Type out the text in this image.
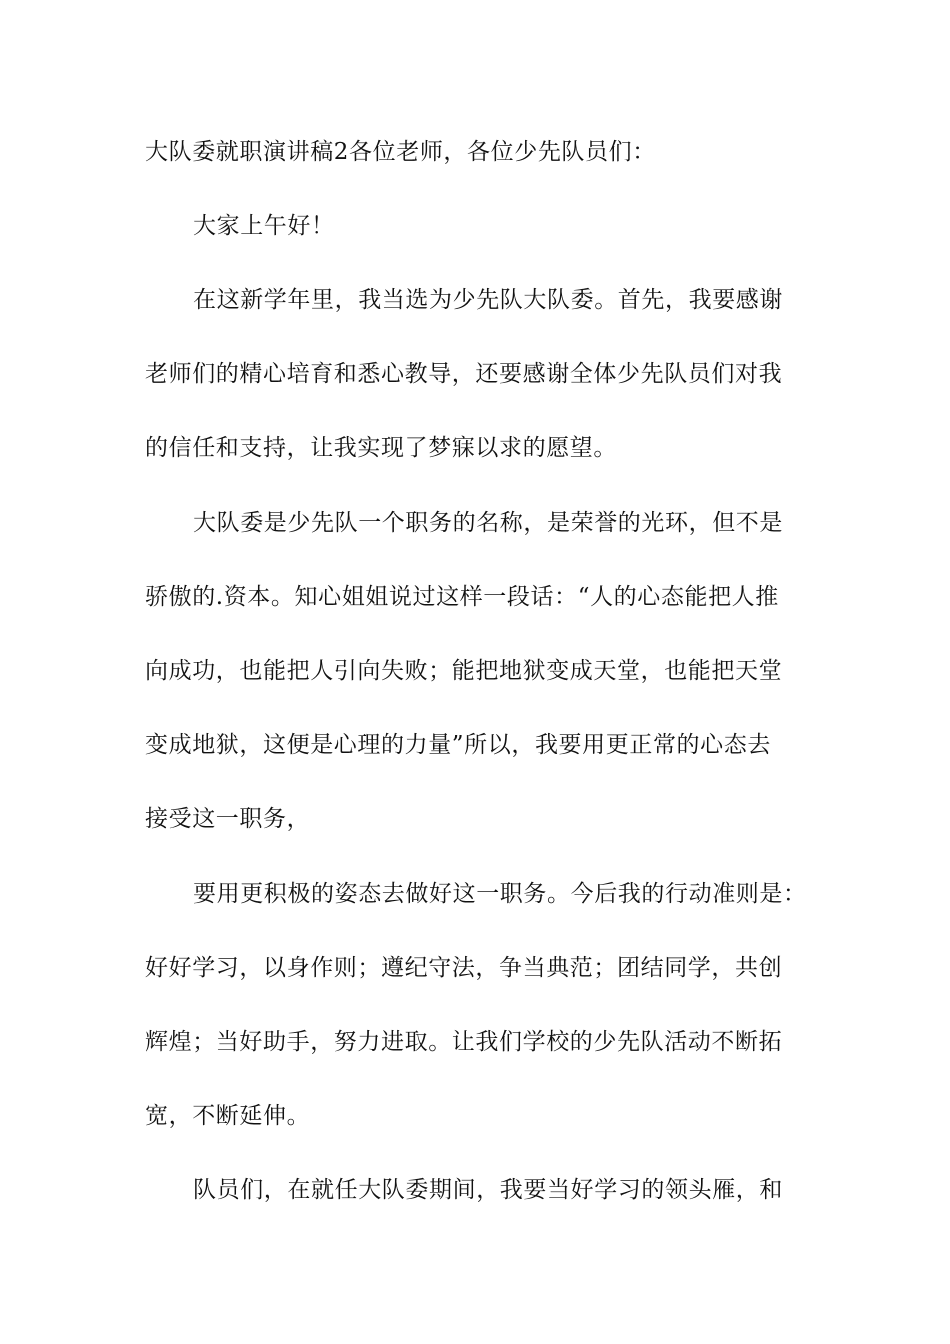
大队委就职演讲稿2各位老师，各位少先队员们：

大家上午好！

在这新学年里，我当选为少先队大队委。首先，我要感谢

老师们的精心培育和悉心教导，还要感谢全体少先队员们对我

的信任和支持，让我实现了梦寐以求的愿望。

大队委是少先队一个职务的名称，是荣誉的光环，但不是

骄傲的.资本。知心姐姐说过这样一段话：“人的心态能把人推

向成功，也能把人引向失败；能把地狱变成天堂，也能把天堂

变成地狱，这便是心理的力量”所以，我要用更正常的心态去

接受这一职务，

要用更积极的姿态去做好这一职务。今后我的行动准则是：

好好学习，以身作则；遵纪守法，争当典范；团结同学，共创

辉煌；当好助手，努力进取。让我们学校的少先队活动不断拓

宽，不断延伸。

队员们，在就任大队委期间，我要当好学习的领头雁，和
